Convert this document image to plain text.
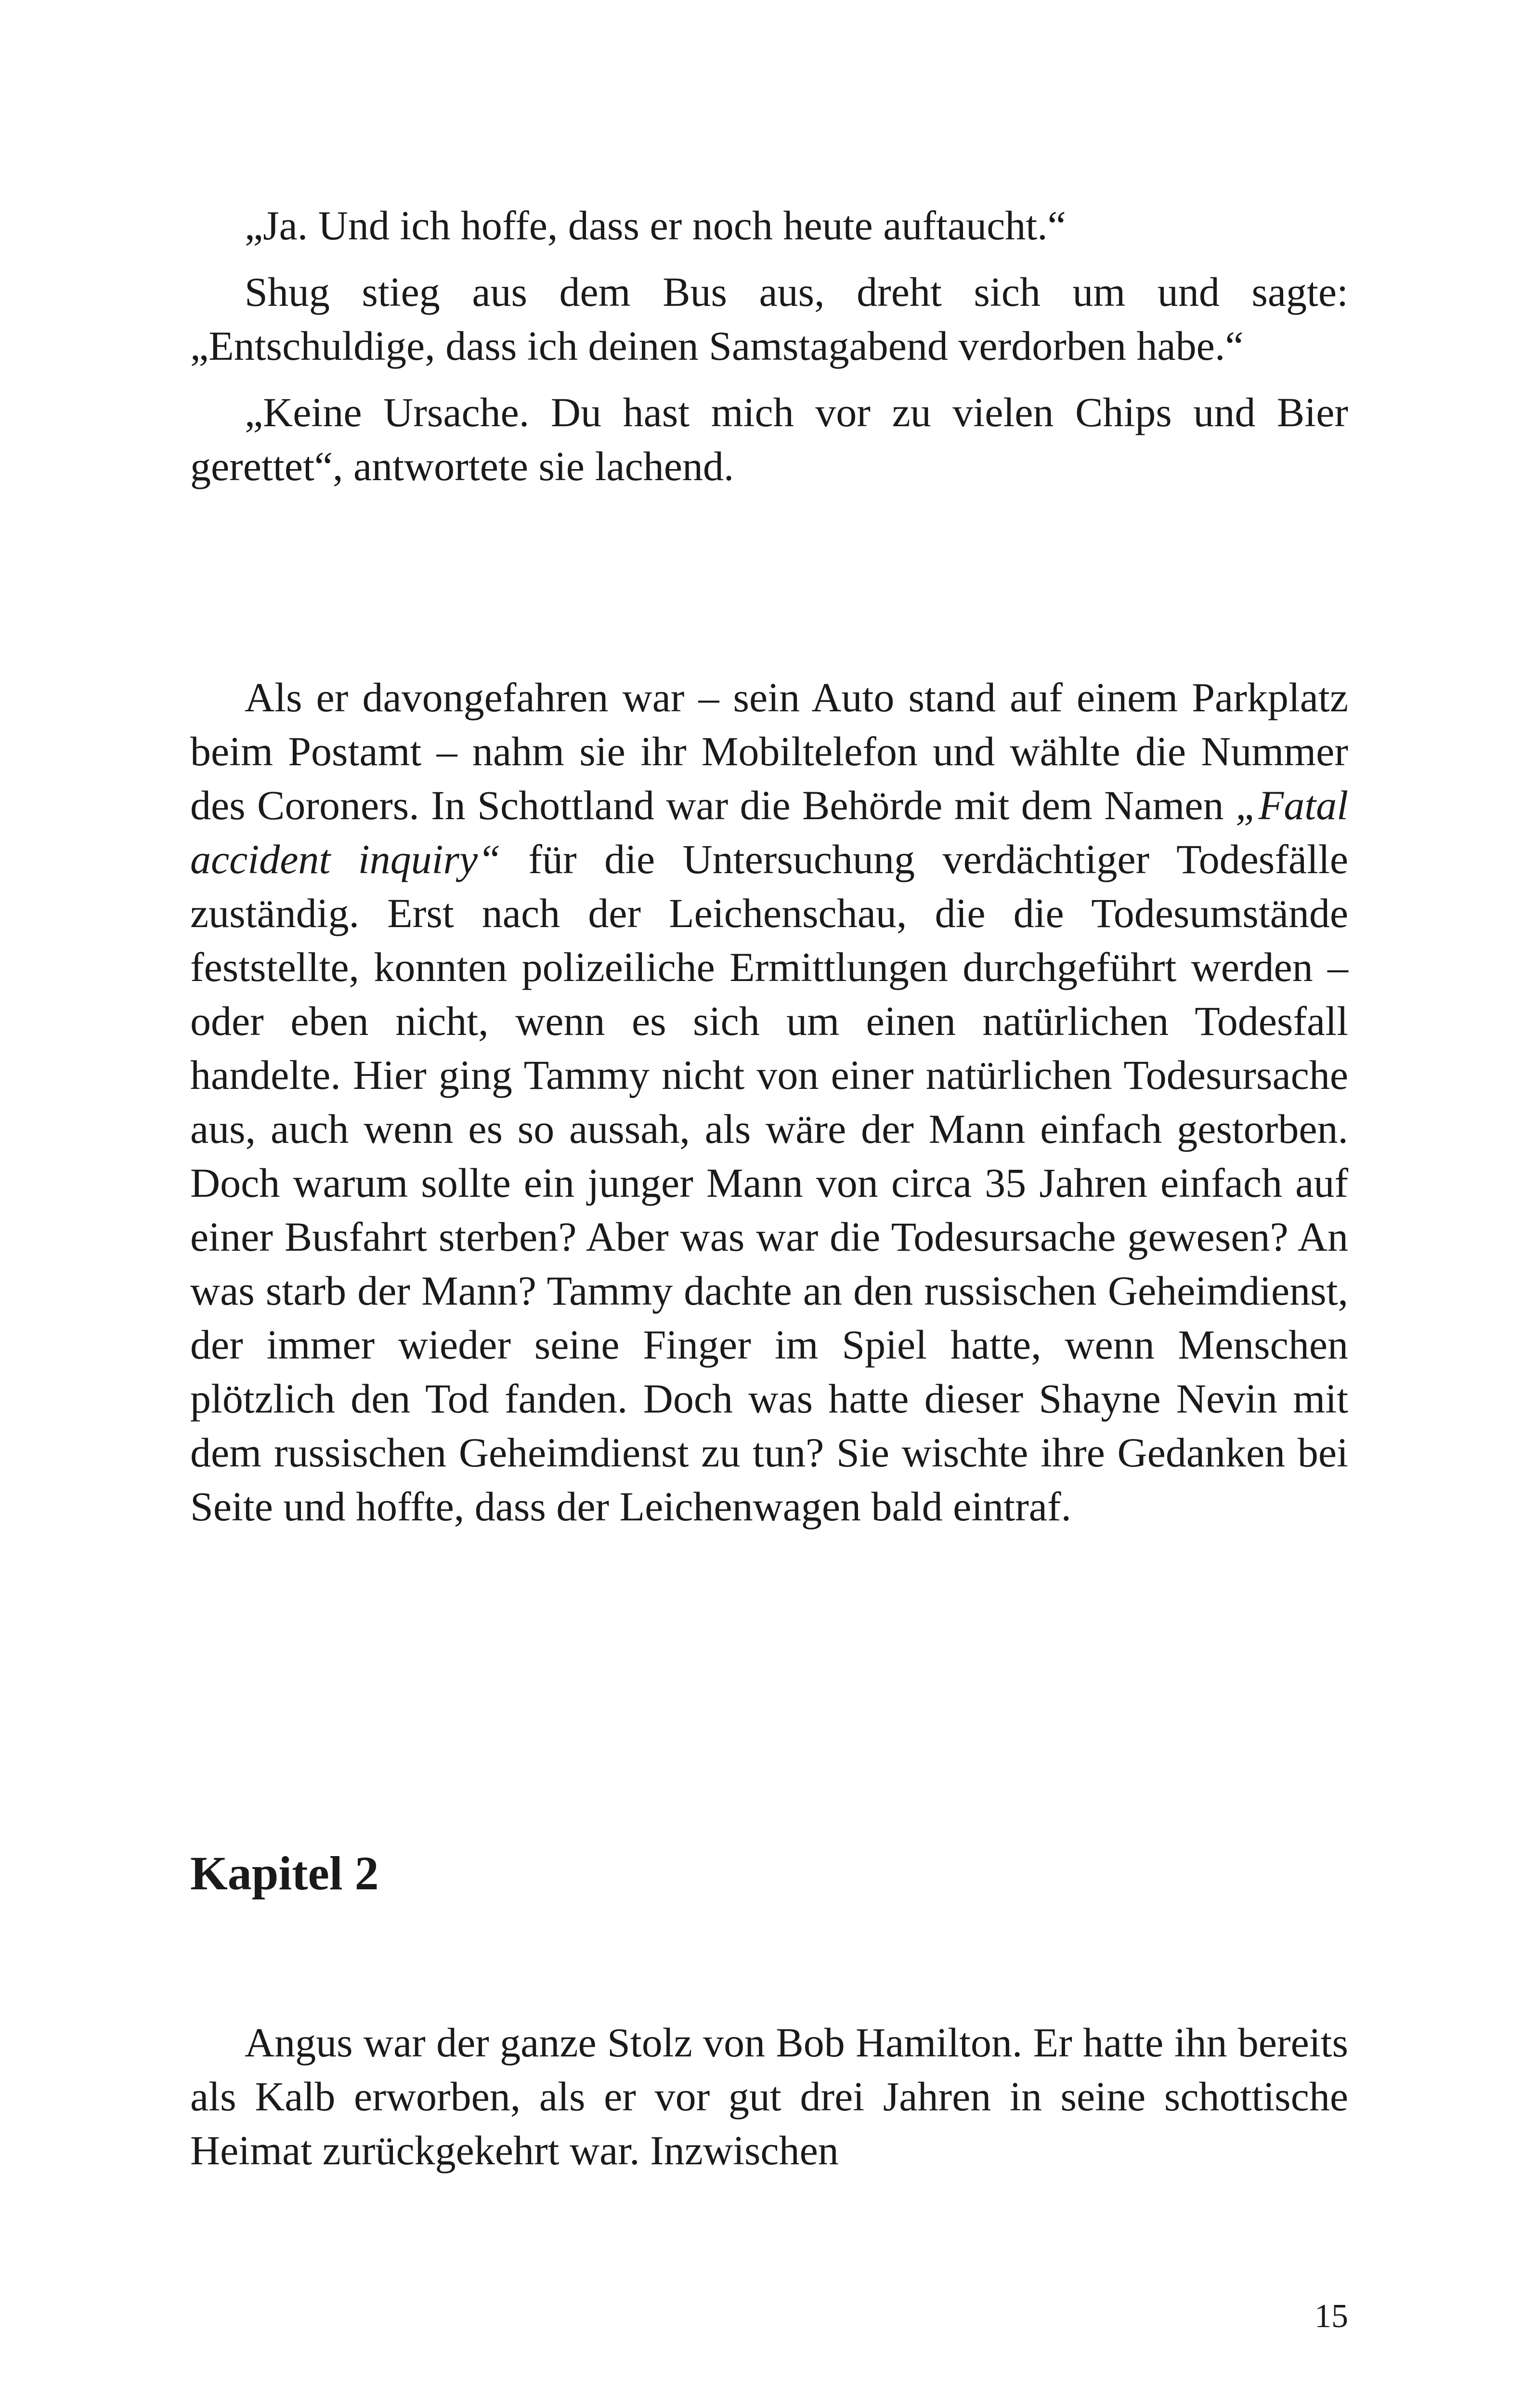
„Ja. Und ich hoffe, dass er noch heute auftaucht.“

Shug stieg aus dem Bus aus, dreht sich um und sagte: „Entschuldige, dass ich deinen Samstagabend verdorben habe.“

„Keine Ursache. Du hast mich vor zu vielen Chips und Bier gerettet“, antwortete sie lachend.

Als er davongefahren war – sein Auto stand auf einem Parkplatz beim Postamt – nahm sie ihr Mobiltelefon und wählte die Nummer des Coroners. In Schottland war die Behörde mit dem Namen „Fatal accident inquiry“ für die Untersuchung verdächtiger Todesfälle zuständig. Erst nach der Leichenschau, die die Todesumstände feststellte, konnten polizeiliche Ermittlungen durchgeführt werden – oder eben nicht, wenn es sich um einen natürlichen Todesfall handelte. Hier ging Tammy nicht von einer natürlichen Todesursache aus, auch wenn es so aussah, als wäre der Mann einfach gestorben. Doch warum sollte ein junger Mann von circa 35 Jahren einfach auf einer Busfahrt sterben? Aber was war die Todesursache gewesen? An was starb der Mann? Tammy dachte an den russischen Geheimdienst, der immer wieder seine Finger im Spiel hatte, wenn Menschen plötzlich den Tod fanden. Doch was hatte dieser Shayne Nevin mit dem russischen Geheimdienst zu tun? Sie wischte ihre Gedanken bei Seite und hoffte, dass der Leichenwagen bald eintraf.

Kapitel 2

Angus war der ganze Stolz von Bob Hamilton. Er hatte ihn bereits als Kalb erworben, als er vor gut drei Jahren in seine schottische Heimat zurückgekehrt war. Inzwischen

15
